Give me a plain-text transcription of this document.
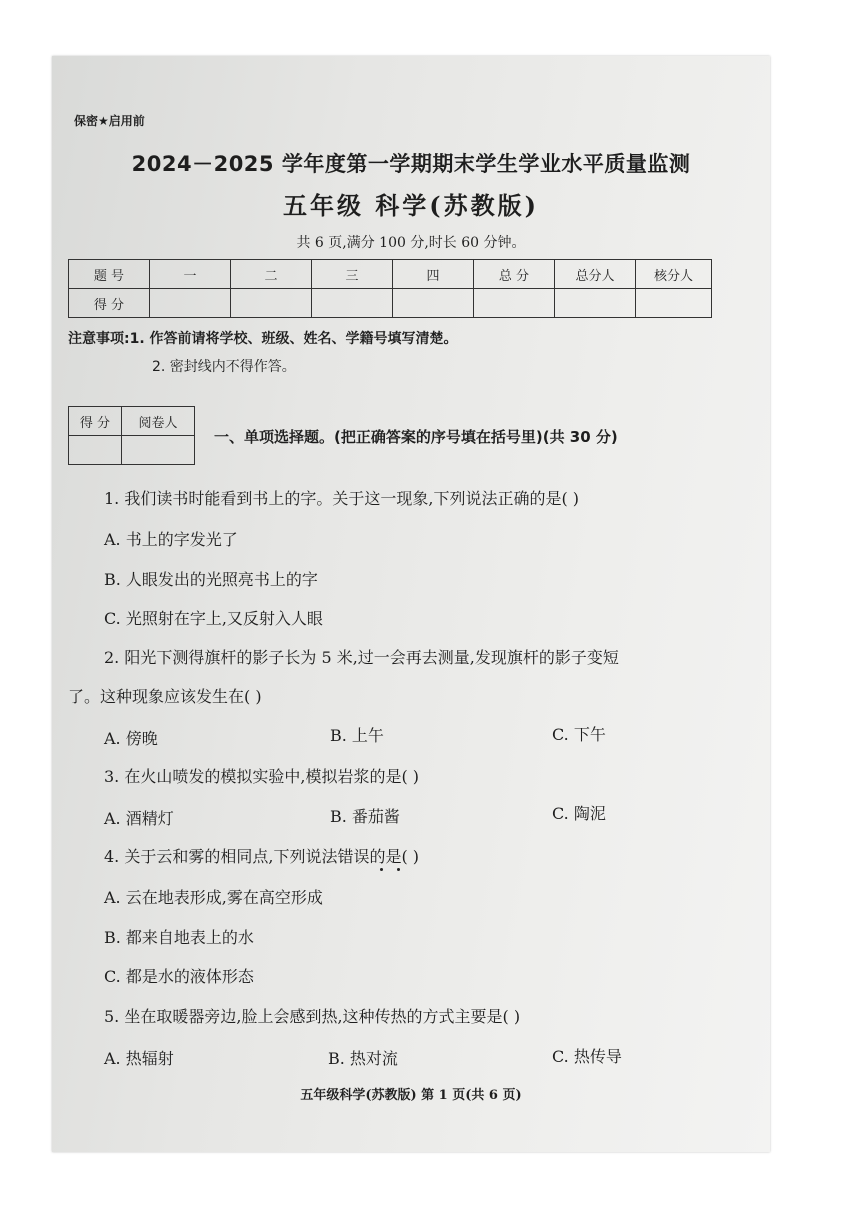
保密★启用前
2024－2025 学年度第一学期期末学生学业水平质量监测
五年级 科学(苏教版)
共 6 页,满分 100 分,时长 60 分钟。
题 号	一	二	三	四	总 分	总分人	核分人
得 分							
注意事项:1. 作答前请将学校、班级、姓名、学籍号填写清楚。
2. 密封线内不得作答。
得 分	阅卷人

一、单项选择题。(把正确答案的序号填在括号里)(共 30 分)
1. 我们读书时能看到书上的字。关于这一现象,下列说法正确的是( )
A. 书上的字发光了
B. 人眼发出的光照亮书上的字
C. 光照射在字上,又反射入人眼
2. 阳光下测得旗杆的影子长为 5 米,过一会再去测量,发现旗杆的影子变短
了。这种现象应该发生在( )
A. 傍晚	B. 上午	C. 下午
3. 在火山喷发的模拟实验中,模拟岩浆的是( )
A. 酒精灯	B. 番茄酱	C. 陶泥
4. 关于云和雾的相同点,下列说法错误的是( )
A. 云在地表形成,雾在高空形成
B. 都来自地表上的水
C. 都是水的液体形态
5. 坐在取暖器旁边,脸上会感到热,这种传热的方式主要是( )
A. 热辐射	B. 热对流	C. 热传导
五年级科学(苏教版) 第 1 页(共 6 页)
